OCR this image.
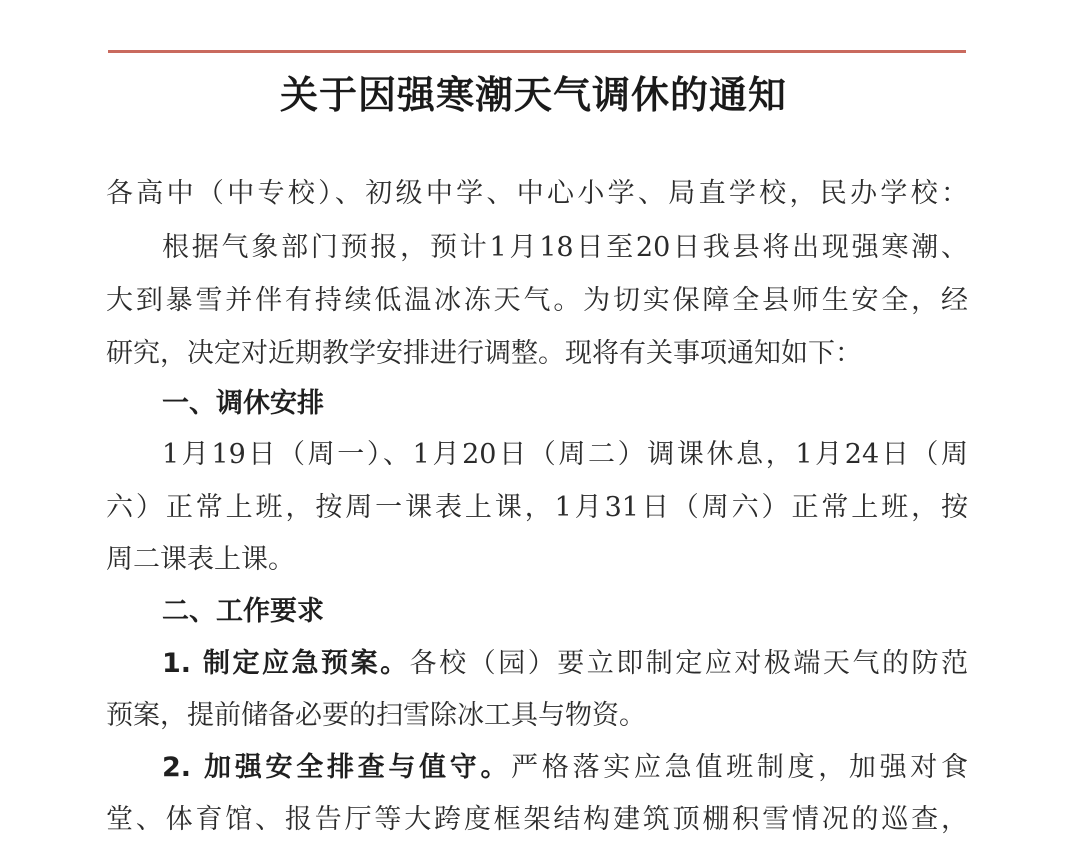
关于因强寒潮天气调休的通知
各高中（中专校）、初级中学、中心小学、局直学校，民办学校：
根据气象部门预报，预计1月18日至20日我县将出现强寒潮、
大到暴雪并伴有持续低温冰冻天气。为切实保障全县师生安全，经
研究，决定对近期教学安排进行调整。现将有关事项通知如下：
一、调休安排
1月19日（周一）、1月20日（周二）调课休息，1月24日（周
六）正常上班，按周一课表上课，1月31日（周六）正常上班，按
周二课表上课。
二、工作要求
1. 制定应急预案。各校（园）要立即制定应对极端天气的防范
预案，提前储备必要的扫雪除冰工具与物资。
2. 加强安全排查与值守。严格落实应急值班制度，加强对食
堂、体育馆、报告厅等大跨度框架结构建筑顶棚积雪情况的巡查，
